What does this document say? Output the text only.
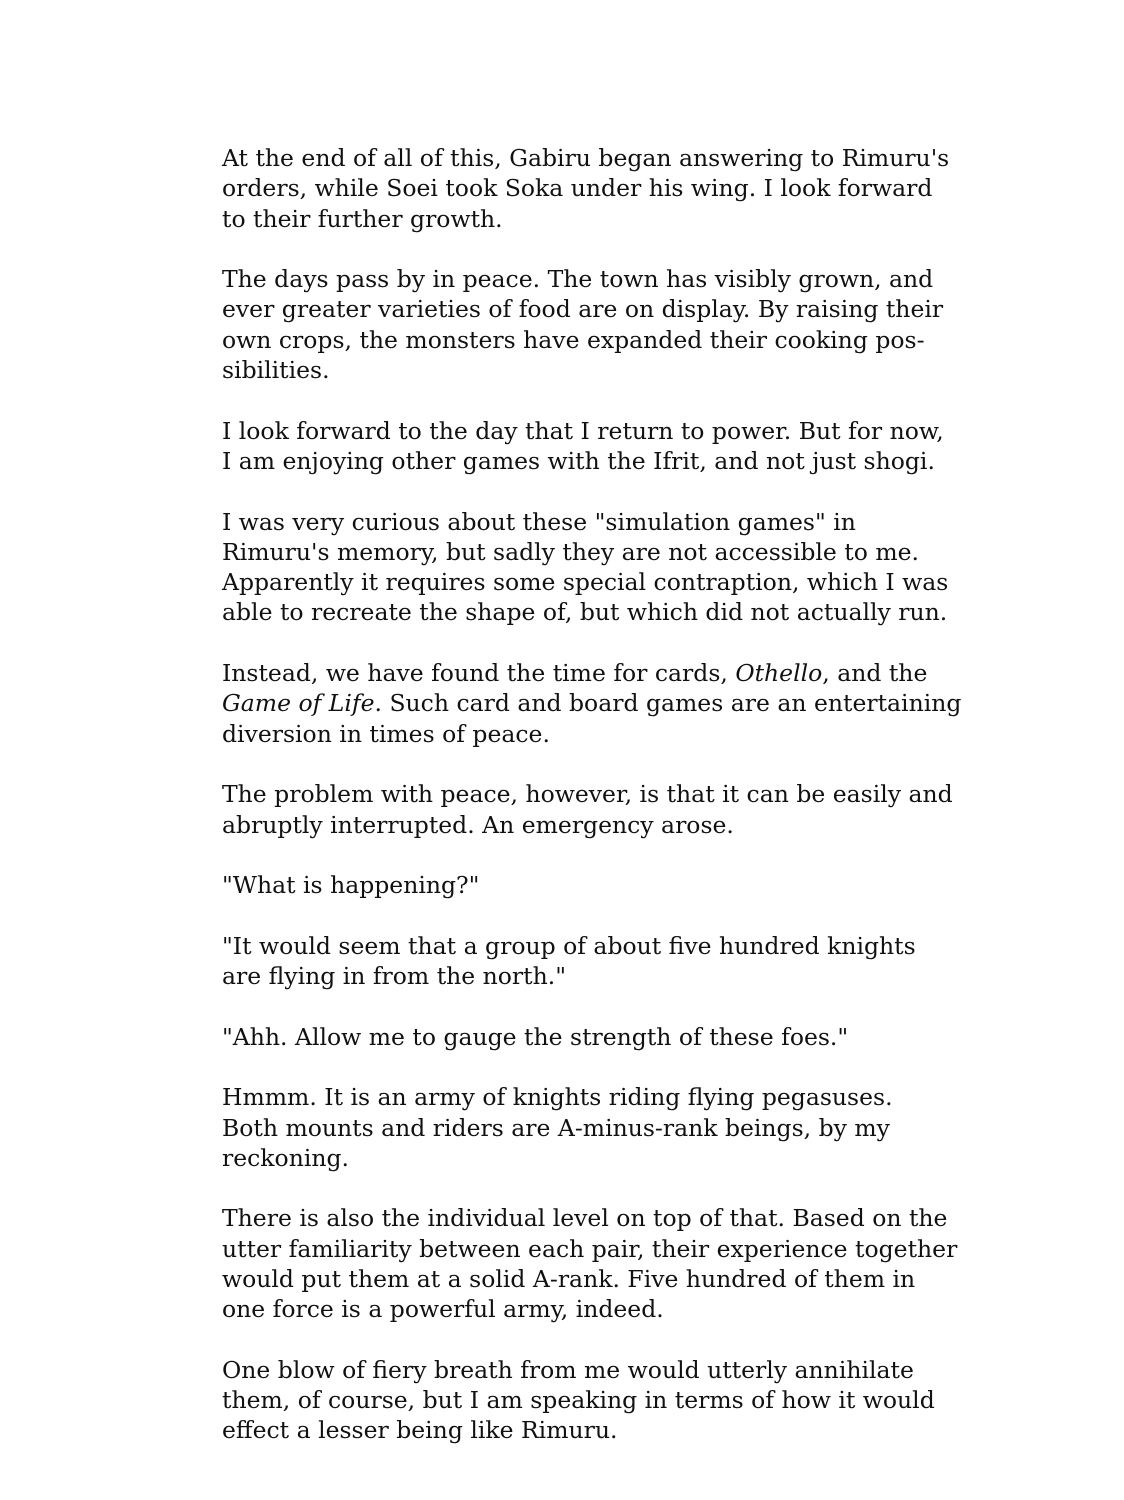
At the end of all of this, Gabiru began answering to Rimuru's
orders, while Soei took Soka under his wing. I look forward
to their further growth.

The days pass by in peace. The town has visibly grown, and
ever greater varieties of food are on display. By raising their
own crops, the monsters have expanded their cooking pos-
sibilities.

I look forward to the day that I return to power. But for now,
I am enjoying other games with the Ifrit, and not just shogi.

I was very curious about these "simulation games" in
Rimuru's memory, but sadly they are not accessible to me.
Apparently it requires some special contraption, which I was
able to recreate the shape of, but which did not actually run.

Instead, we have found the time for cards, Othello, and the
Game of Life. Such card and board games are an entertaining
diversion in times of peace.

The problem with peace, however, is that it can be easily and
abruptly interrupted. An emergency arose.

"What is happening?"

"It would seem that a group of about five hundred knights
are flying in from the north."

"Ahh. Allow me to gauge the strength of these foes."

Hmmm. It is an army of knights riding flying pegasuses.
Both mounts and riders are A-minus-rank beings, by my
reckoning.

There is also the individual level on top of that. Based on the
utter familiarity between each pair, their experience together
would put them at a solid A-rank. Five hundred of them in
one force is a powerful army, indeed.

One blow of fiery breath from me would utterly annihilate
them, of course, but I am speaking in terms of how it would
effect a lesser being like Rimuru.
